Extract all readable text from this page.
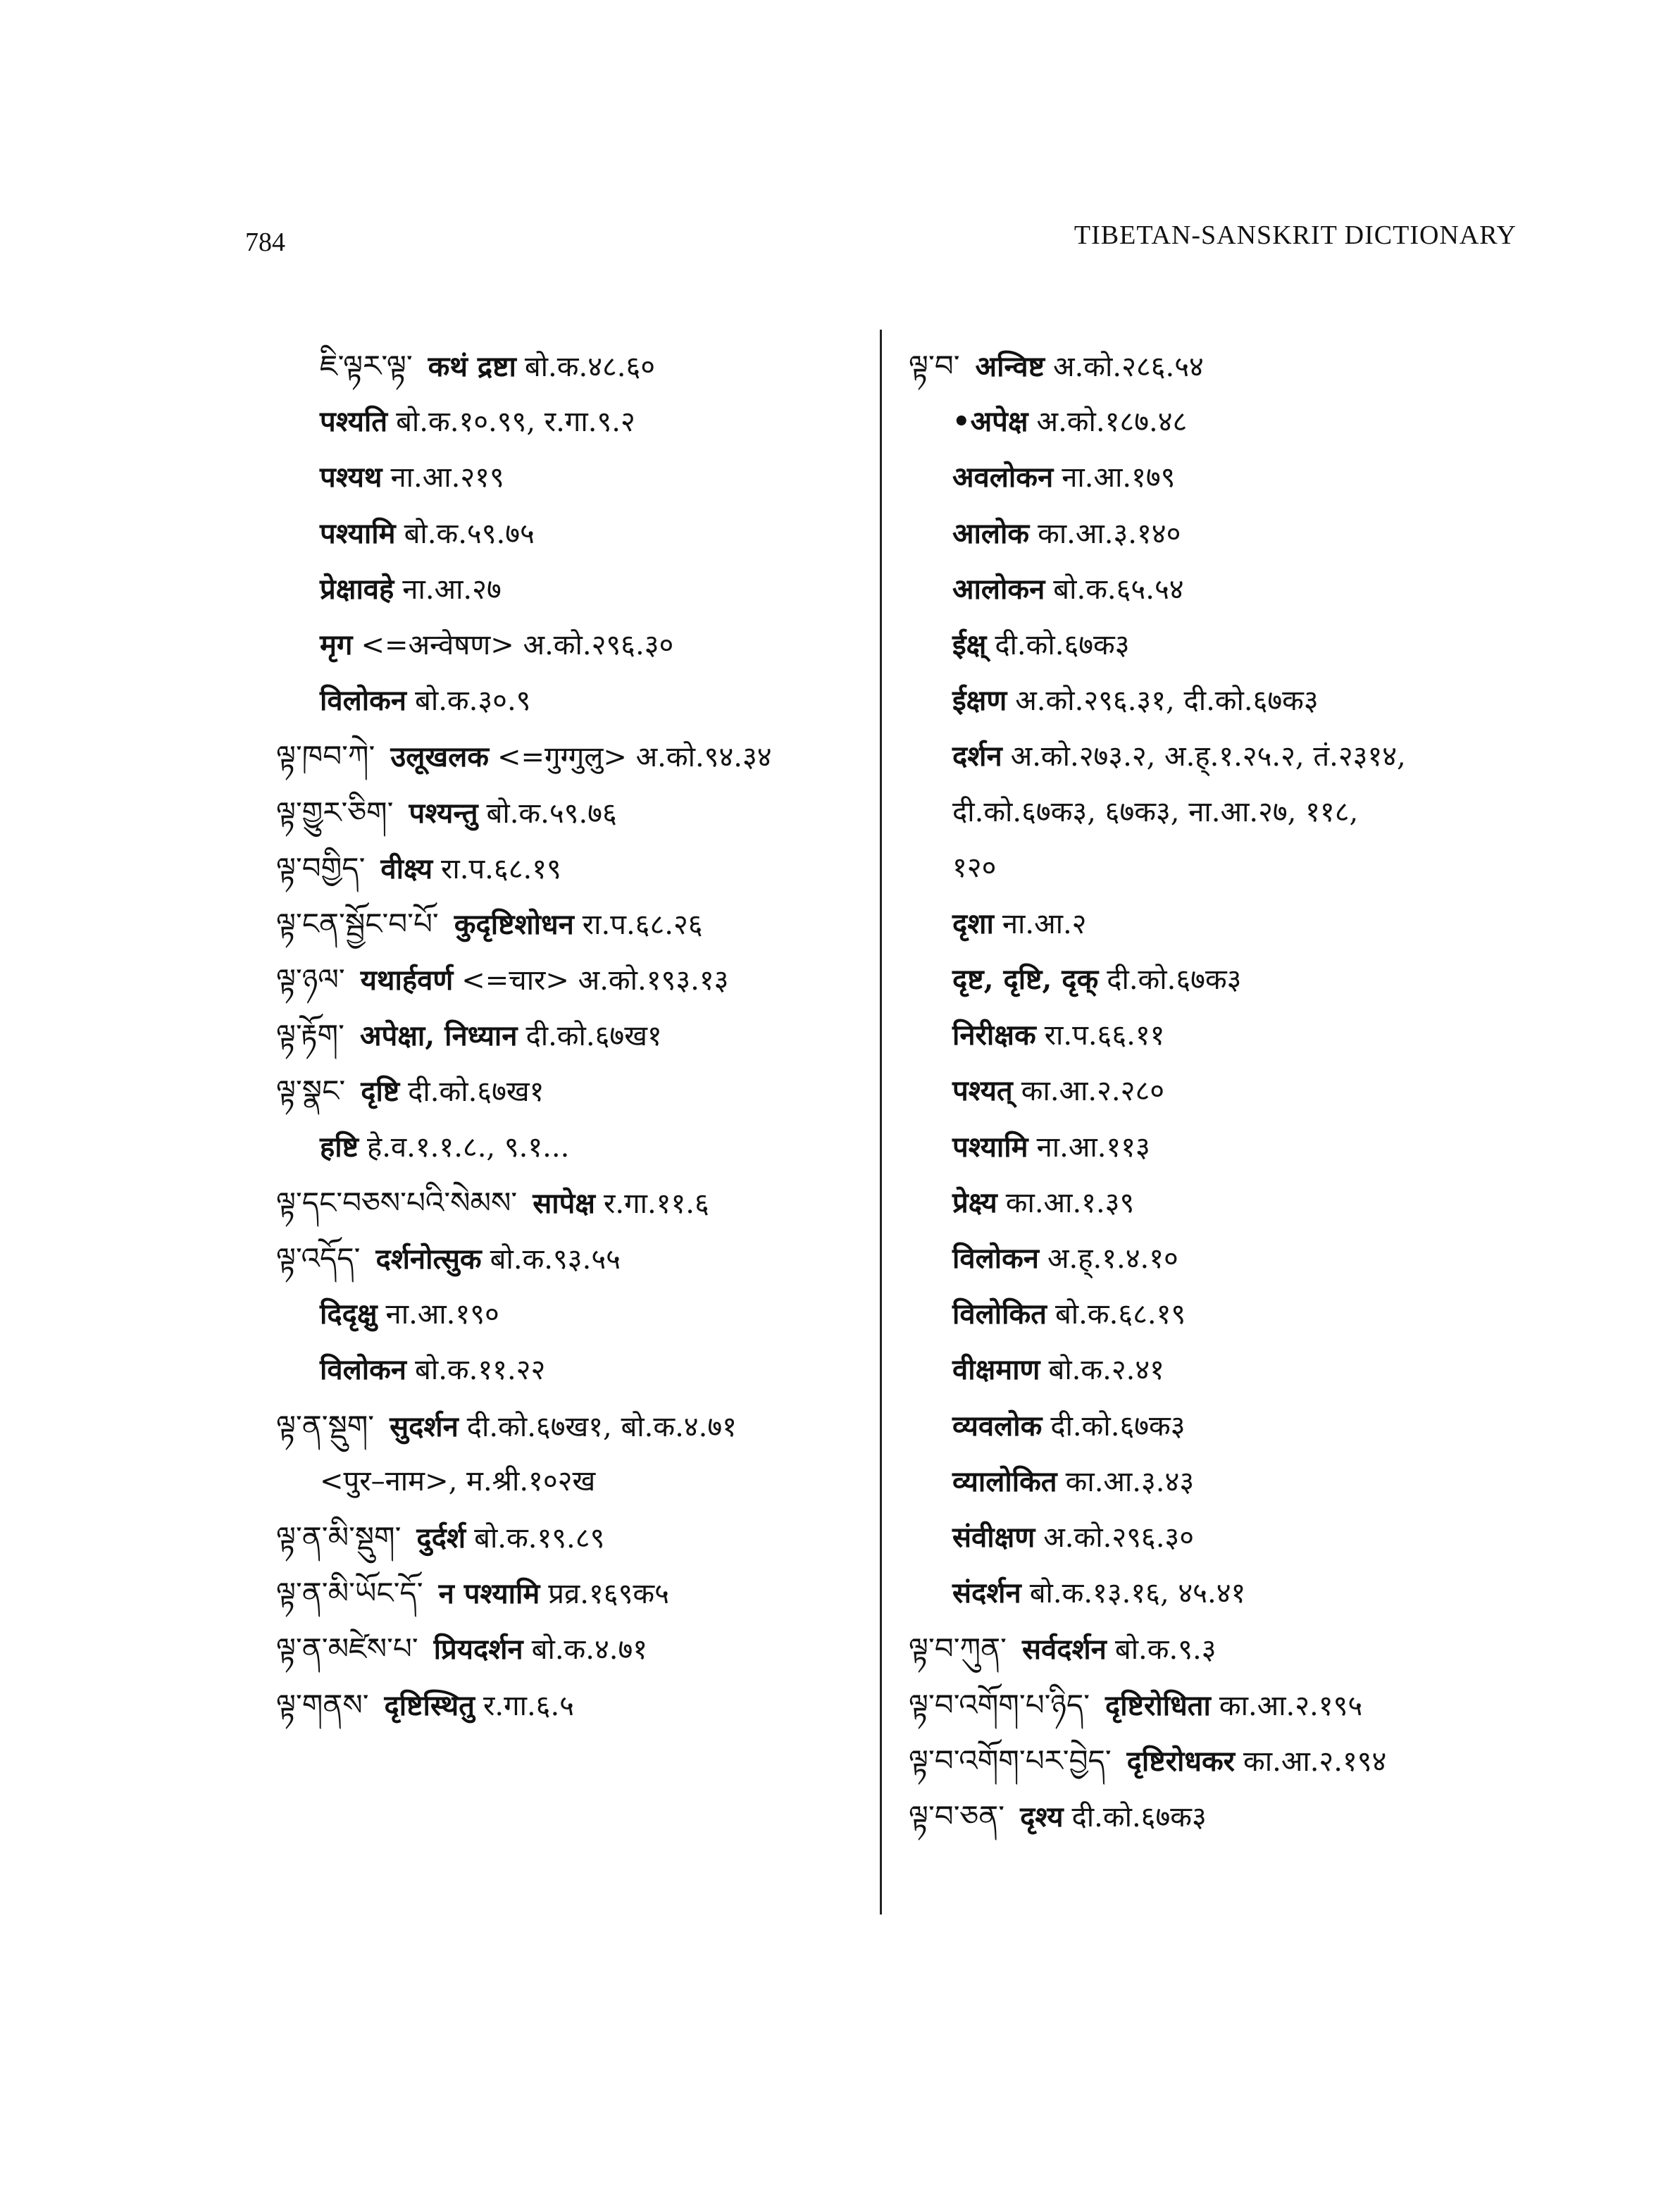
784	TIBETAN-SANSKRIT DICTIONARY
ཇི་ལྟར་ལྟ་ कथं द्रष्टा बो.क.४८.६०
पश्यति बो.क.१०.९९, र.गा.९.२
पश्यथ ना.आ.२१९
पश्यामि बो.क.५९.७५
प्रेक्षावहे ना.आ.२७
मृग <=अन्वेषण> अ.को.२९६.३०
विलोकन बो.क.३०.९
ལྟ་ཁབ་ཀེ་ उलूखलक <=गुग्गुलु> अ.को.९४.३४
ལྟ་གྱུར་ཅིག་ पश्यन्तु बो.क.५९.७६
ལྟ་བགྱིད་ वीक्ष्य रा.प.६८.१९
ལྟ་ངན་སྦྱོང་བ་པོ་ कुदृष्टिशोधन रा.प.६८.२६
ལྟ་ཉལ་ यथार्हवर्ण <=चार> अ.को.१९३.१३
ལྟ་རྟོག་ अपेक्षा, निध्यान दी.को.६७ख१
ལྟ་སྣང་ दृष्टि दी.को.६७ख१
हष्टि हे.व.१.१.८., ९.१...
ལྟ་དང་བཅས་པའི་སེམས་ सापेक्ष र.गा.११.६
ལྟ་འདོད་ दर्शनोत्सुक बो.क.९३.५५
दिदृक्षु ना.आ.१९०
विलोकन बो.क.११.२२
ལྟ་ན་སྡུག་ सुदर्शन दी.को.६७ख१, बो.क.४.७१
<पुर–नाम>, म.श्री.१०२ख
ལྟ་ན་མི་སྡུག་ दुर्दर्श बो.क.१९.८९
ལྟ་ན་མི་ཡོང་དོ་ न पश्यामि प्रव्र.१६९क५
ལྟ་ན་མཛེས་པ་ प्रियदर्शन बो.क.४.७१
ལྟ་གནས་ दृष्टिस्थितु र.गा.६.५
ལྟ་བ་ अन्विष्ट अ.को.२८६.५४
•अपेक्ष अ.को.१८७.४८
अवलोकन ना.आ.१७९
आलोक का.आ.३.१४०
आलोकन बो.क.६५.५४
ईक्ष् दी.को.६७क३
ईक्षण अ.को.२९६.३१, दी.को.६७क३
दर्शन अ.को.२७३.२, अ.ह्.१.२५.२, तं.२३१४,
दी.को.६७क३, ६७क३, ना.आ.२७, ११८,
१२०
दृशा ना.आ.२
दृष्ट, दृष्टि, दृक् दी.को.६७क३
निरीक्षक रा.प.६६.११
पश्यत् का.आ.२.२८०
पश्यामि ना.आ.११३
प्रेक्ष्य का.आ.१.३९
विलोकन अ.ह्.१.४.१०
विलोकित बो.क.६८.१९
वीक्षमाण बो.क.२.४१
व्यवलोक दी.को.६७क३
व्यालोकित का.आ.३.४३
संवीक्षण अ.को.२९६.३०
संदर्शन बो.क.१३.१६, ४५.४१
ལྟ་བ་ཀུན་ सर्वदर्शन बो.क.९.३
ལྟ་བ་འགོག་པ་ཉིད་ दृष्टिरोधिता का.आ.२.१९५
ལྟ་བ་འགོག་པར་བྱེད་ दृष्टिरोधकर का.आ.२.१९४
ལྟ་བ་ཅན་ दृश्य दी.को.६७क३
